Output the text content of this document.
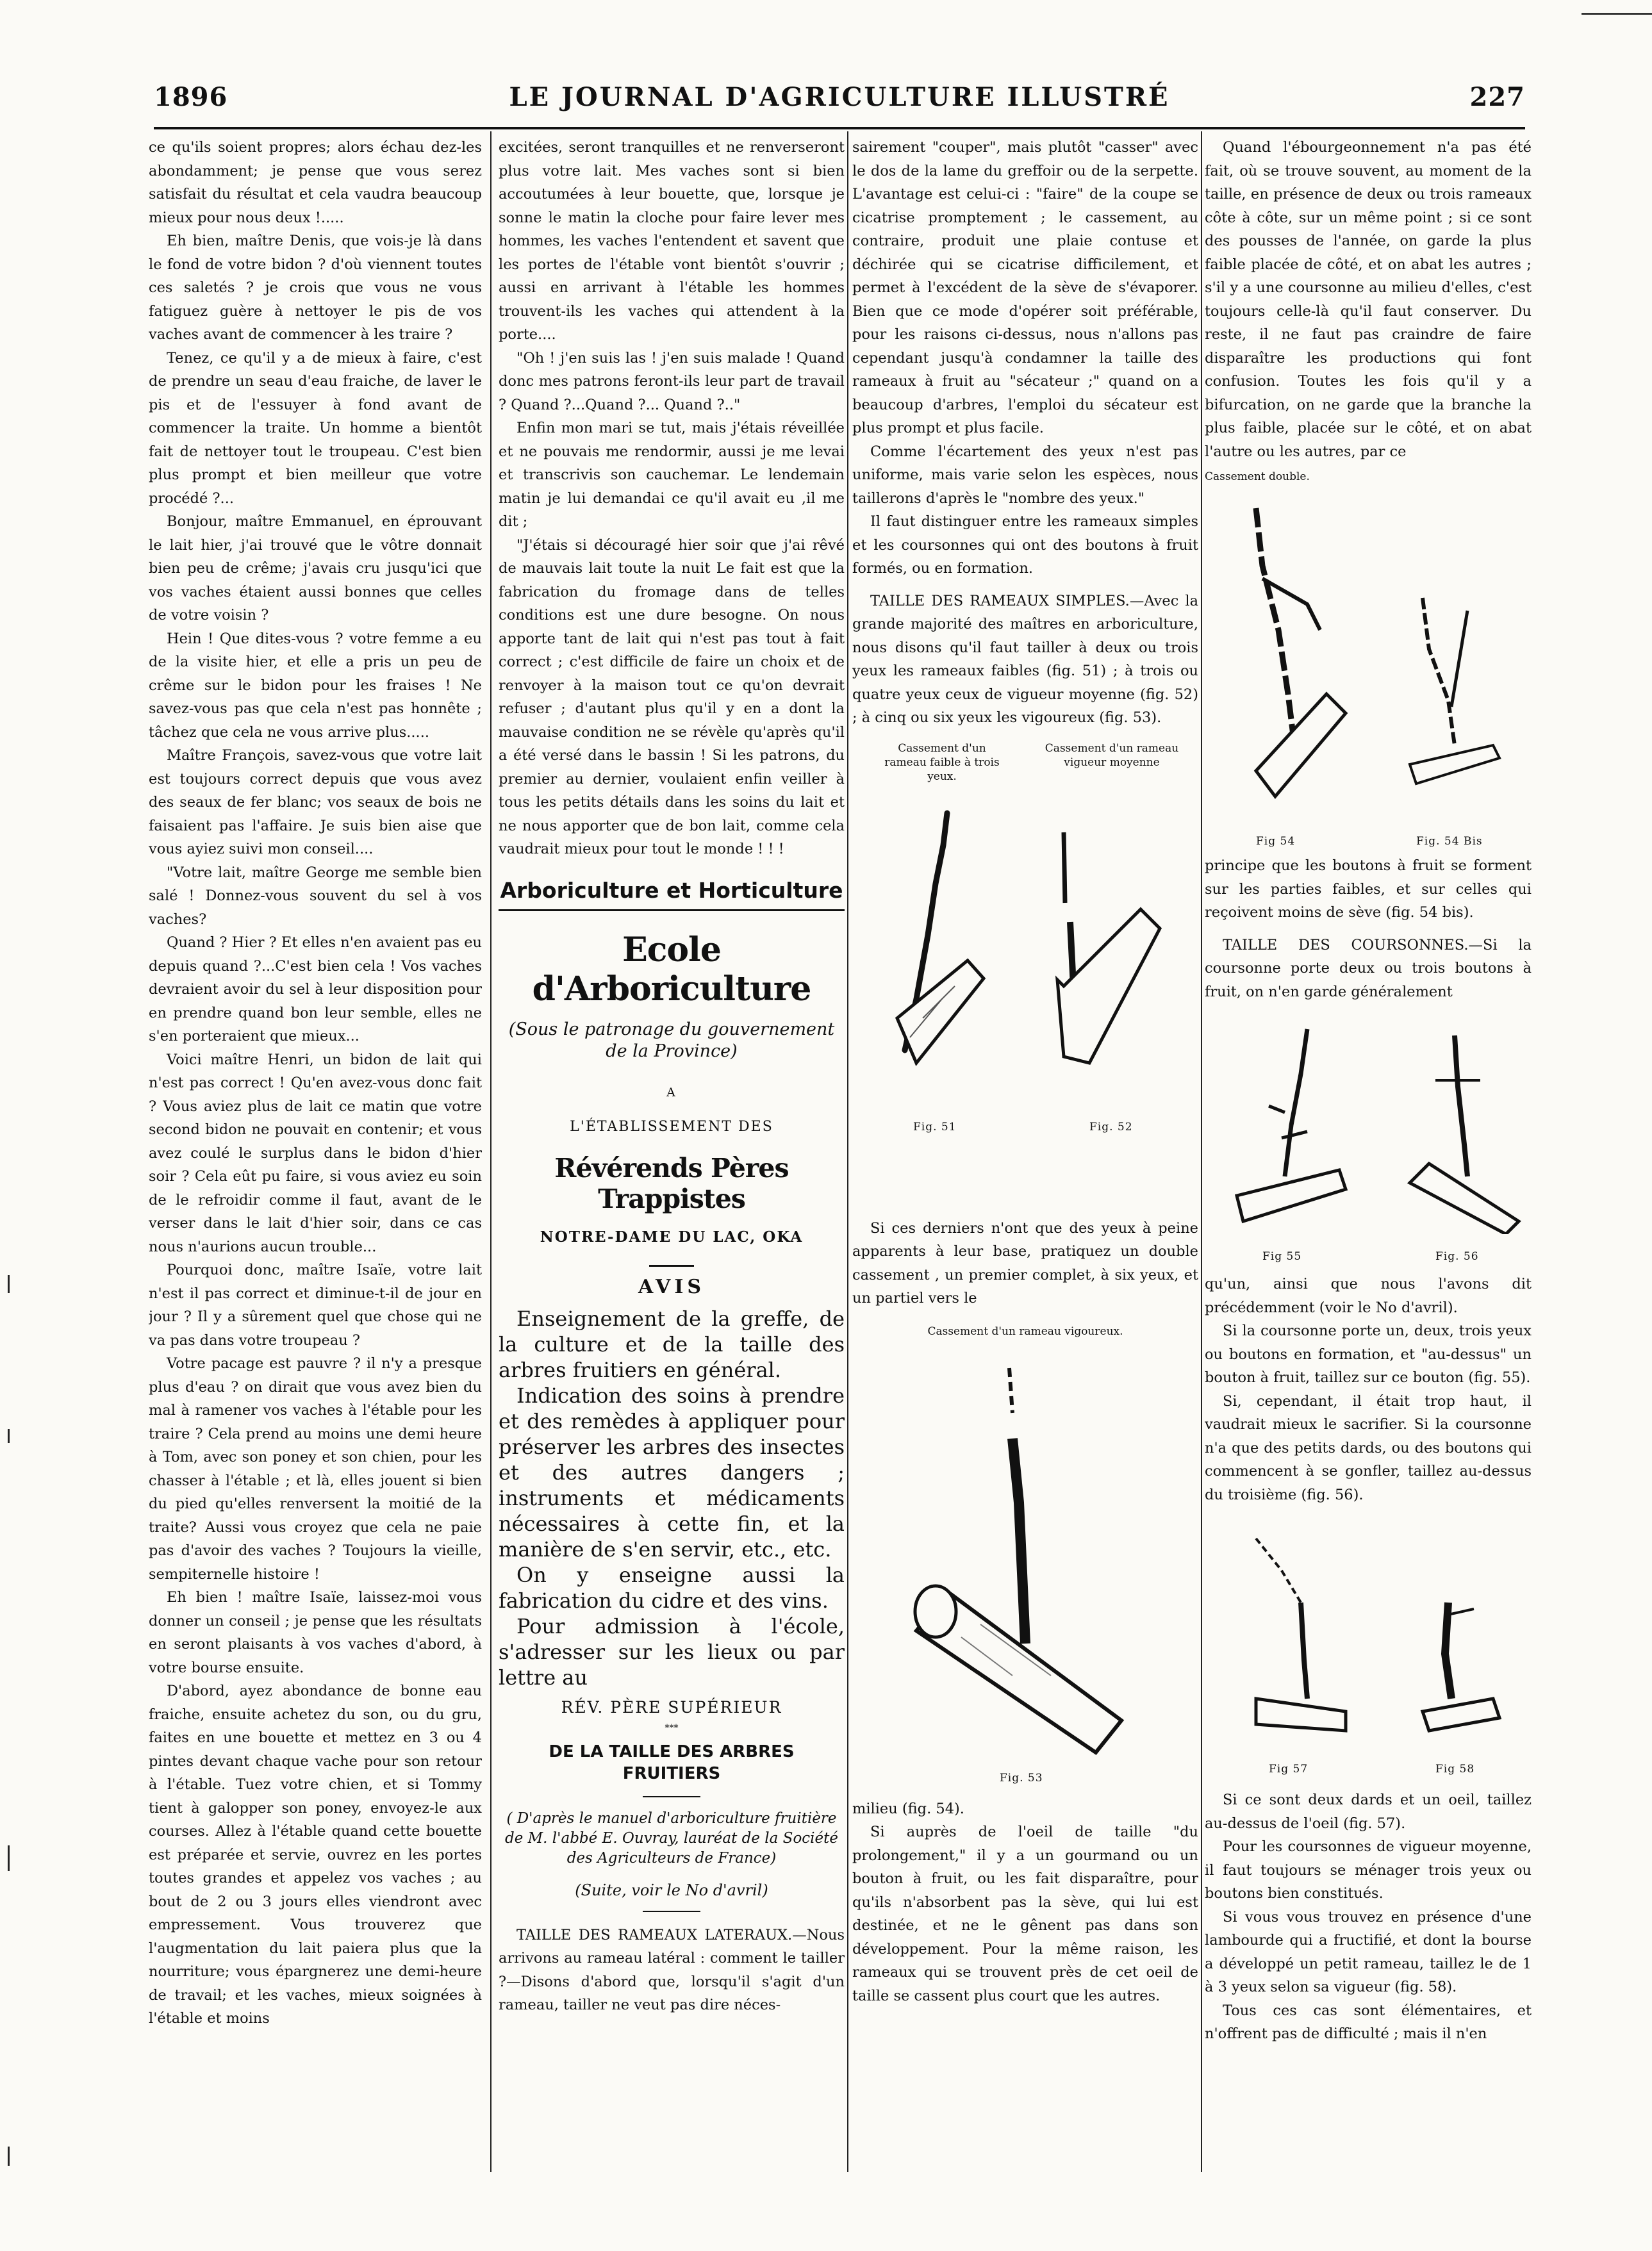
1896	LE JOURNAL D'AGRICULTURE ILLUSTRÉ	227

ce qu'ils soient propres; alors échau dez-les abondamment; je pense que vous serez satisfait du résultat et cela vaudra beaucoup mieux pour nous deux !.....

Eh bien, maître Denis, que vois-je là dans le fond de votre bidon ? d'où viennent toutes ces saletés ? je crois que vous ne vous fatiguez guère à nettoyer le pis de vos vaches avant de commencer à les traire ?

Tenez, ce qu'il y a de mieux à faire, c'est de prendre un seau d'eau fraiche, de laver le pis et de l'essuyer à fond avant de commencer la traite. Un homme a bientôt fait de nettoyer tout le troupeau. C'est bien plus prompt et bien meilleur que votre procédé ?...

Bonjour, maître Emmanuel, en éprouvant le lait hier, j'ai trouvé que le vôtre donnait bien peu de crême; j'avais cru jusqu'ici que vos vaches étaient aussi bonnes que celles de votre voisin ?

Hein ! Que dites-vous ? votre femme a eu de la visite hier, et elle a pris un peu de crême sur le bidon pour les fraises ! Ne savez-vous pas que cela n'est pas honnête ; tâchez que cela ne vous arrive plus.....

Maître François, savez-vous que votre lait est toujours correct depuis que vous avez des seaux de fer blanc; vos seaux de bois ne faisaient pas l'affaire. Je suis bien aise que vous ayiez suivi mon conseil....

"Votre lait, maître George me semble bien salé ! Donnez-vous souvent du sel à vos vaches?

Quand ? Hier ? Et elles n'en avaient pas eu depuis quand ?...C'est bien cela ! Vos vaches devraient avoir du sel à leur disposition pour en prendre quand bon leur semble, elles ne s'en porteraient que mieux...

Voici maître Henri, un bidon de lait qui n'est pas correct ! Qu'en avez-vous donc fait ? Vous aviez plus de lait ce matin que votre second bidon ne pouvait en contenir; et vous avez coulé le surplus dans le bidon d'hier soir ? Cela eût pu faire, si vous aviez eu soin de le refroidir comme il faut, avant de le verser dans le lait d'hier soir, dans ce cas nous n'aurions aucun trouble...

Pourquoi donc, maître Isaïe, votre lait n'est il pas correct et diminue-t-il de jour en jour ? Il y a sûrement quel que chose qui ne va pas dans votre troupeau ?

Votre pacage est pauvre ? il n'y a presque plus d'eau ? on dirait que vous avez bien du mal à ramener vos vaches à l'étable pour les traire ? Cela prend au moins une demi heure à Tom, avec son poney et son chien, pour les chasser à l'étable ; et là, elles jouent si bien du pied qu'elles renversent la moitié de la traite? Aussi vous croyez que cela ne paie pas d'avoir des vaches ? Toujours la vieille, sempiternelle histoire !

Eh bien ! maître Isaïe, laissez-moi vous donner un conseil ; je pense que les résultats en seront plaisants à vos vaches d'abord, à votre bourse ensuite.

D'abord, ayez abondance de bonne eau fraiche, ensuite achetez du son, ou du gru, faites en une bouette et mettez en 3 ou 4 pintes devant chaque vache pour son retour à l'étable. Tuez votre chien, et si Tommy tient à galopper son poney, envoyez-le aux courses. Allez à l'étable quand cette bouette est préparée et servie, ouvrez en les portes toutes grandes et appelez vos vaches ; au bout de 2 ou 3 jours elles viendront avec empressement. Vous trouverez que l'augmentation du lait paiera plus que la nourriture; vous épargnerez une demi-heure de travail; et les vaches, mieux soignées à l'étable et moins

excitées, seront tranquilles et ne renverseront plus votre lait. Mes vaches sont si bien accoutumées à leur bouette, que, lorsque je sonne le matin la cloche pour faire lever mes hommes, les vaches l'entendent et savent que les portes de l'étable vont bientôt s'ouvrir ; aussi en arrivant à l'étable les hommes trouvent-ils les vaches qui attendent à la porte....

"Oh ! j'en suis las ! j'en suis malade ! Quand donc mes patrons feront-ils leur part de travail ? Quand ?...Quand ?... Quand ?.."

Enfin mon mari se tut, mais j'étais réveillée et ne pouvais me rendormir, aussi je me levai et transcrivis son cauchemar. Le lendemain matin je lui demandai ce qu'il avait eu ,il me dit ;

"J'étais si découragé hier soir que j'ai rêvé de mauvais lait toute la nuit Le fait est que la fabrication du fromage dans de telles conditions est une dure besogne. On nous apporte tant de lait qui n'est pas tout à fait correct ; c'est difficile de faire un choix et de renvoyer à la maison tout ce qu'on devrait refuser ; d'autant plus qu'il y en a dont la mauvaise condition ne se révèle qu'après qu'il a été versé dans le bassin ! Si les patrons, du premier au dernier, voulaient enfin veiller à tous les petits détails dans les soins du lait et ne nous apporter que de bon lait, comme cela vaudrait mieux pour tout le monde ! ! !

Arboriculture et Horticulture
Ecole d'Arboriculture
(Sous le patronage du gouvernement de la Province)
A
L'ÉTABLISSEMENT DES
Révérends Pères Trappistes
NOTRE-DAME DU LAC, OKA
AVIS

Enseignement de la greffe, de la culture et de la taille des arbres fruitiers en général.

Indication des soins à prendre et des remèdes à appliquer pour préserver les arbres des insectes et des autres dangers ; instruments et médicaments nécessaires à cette fin, et la manière de s'en servir, etc., etc.

On y enseigne aussi la fabrication du cidre et des vins.

Pour admission à l'école, s'adresser sur les lieux ou par lettre au

RÉV. PÈRE SUPÉRIEUR
***
DE LA TAILLE DES ARBRES FRUITIERS
( D'après le manuel d'arboriculture fruitière de M. l'abbé E. Ouvray, lauréat de la Société des Agriculteurs de France)
(Suite, voir le No d'avril)

TAILLE DES RAMEAUX LATERAUX.—Nous arrivons au rameau latéral : comment le tailler ?—Disons d'abord que, lorsqu'il s'agit d'un rameau, tailler ne veut pas dire néces-

sairement "couper", mais plutôt "casser" avec le dos de la lame du greffoir ou de la serpette. L'avantage est celui-ci : "faire" de la coupe se cicatrise promptement ; le cassement, au contraire, produit une plaie contuse et déchirée qui se cicatrise difficilement, et permet à l'excédent de la sève de s'évaporer. Bien que ce mode d'opérer soit préférable, pour les raisons ci-dessus, nous n'allons pas cependant jusqu'à condamner la taille des rameaux à fruit au "sécateur ;" quand on a beaucoup d'arbres, l'emploi du sécateur est plus prompt et plus facile.

Comme l'écartement des yeux n'est pas uniforme, mais varie selon les espèces, nous taillerons d'après le "nombre des yeux."

Il faut distinguer entre les rameaux simples et les coursonnes qui ont des boutons à fruit formés, ou en formation.

TAILLE DES RAMEAUX SIMPLES.—Avec la grande majorité des maîtres en arboriculture, nous disons qu'il faut tailler à deux ou trois yeux les rameaux faibles (fig. 51) ; à trois ou quatre yeux ceux de vigueur moyenne (fig. 52) ; à cinq ou six yeux les vigoureux (fig. 53).

Cassement d'un rameau faible à trois yeux.
Cassement d'un rameau vigueur moyenne
Fig. 51	Fig. 52

Si ces derniers n'ont que des yeux à peine apparents à leur base, pratiquez un double cassement , un premier complet, à six yeux, et un partiel vers le

Cassement d'un rameau vigoureux.
Fig. 53

milieu (fig. 54).

Si auprès de l'oeil de taille "du prolongement," il y a un gourmand ou un bouton à fruit, ou les fait disparaître, pour qu'ils n'absorbent pas la sève, qui lui est destinée, et ne le gênent pas dans son développement. Pour la même raison, les rameaux qui se trouvent près de cet oeil de taille se cassent plus court que les autres.

Quand l'ébourgeonnement n'a pas été fait, où se trouve souvent, au moment de la taille, en présence de deux ou trois rameaux côte à côte, sur un même point ; si ce sont des pousses de l'année, on garde la plus faible placée de côté, et on abat les autres ; s'il y a une coursonne au milieu d'elles, c'est toujours celle-là qu'il faut conserver. Du reste, il ne faut pas craindre de faire disparaître les productions qui font confusion. Toutes les fois qu'il y a bifurcation, on ne garde que la branche la plus faible, placée sur le côté, et on abat l'autre ou les autres, par ce

Cassement double.
Fig 54	Fig. 54 Bis

principe que les boutons à fruit se forment sur les parties faibles, et sur celles qui reçoivent moins de sève (fig. 54 bis).

TAILLE DES COURSONNES.—Si la coursonne porte deux ou trois boutons à fruit, on n'en garde généralement

Fig 55	Fig. 56

qu'un, ainsi que nous l'avons dit précédemment (voir le No d'avril).

Si la coursonne porte un, deux, trois yeux ou boutons en formation, et "au-dessus" un bouton à fruit, taillez sur ce bouton (fig. 55).

Si, cependant, il était trop haut, il vaudrait mieux le sacrifier. Si la coursonne n'a que des petits dards, ou des boutons qui commencent à se gonfler, taillez au-dessus du troisième (fig. 56).

Fig 57	Fig 58

Si ce sont deux dards et un oeil, taillez au-dessus de l'oeil (fig. 57).

Pour les coursonnes de vigueur moyenne, il faut toujours se ménager trois yeux ou boutons bien constitués.

Si vous vous trouvez en présence d'une lambourde qui a fructifié, et dont la bourse a développé un petit rameau, taillez le de 1 à 3 yeux selon sa vigueur (fig. 58).

Tous ces cas sont élémentaires, et n'offrent pas de difficulté ; mais il n'en
